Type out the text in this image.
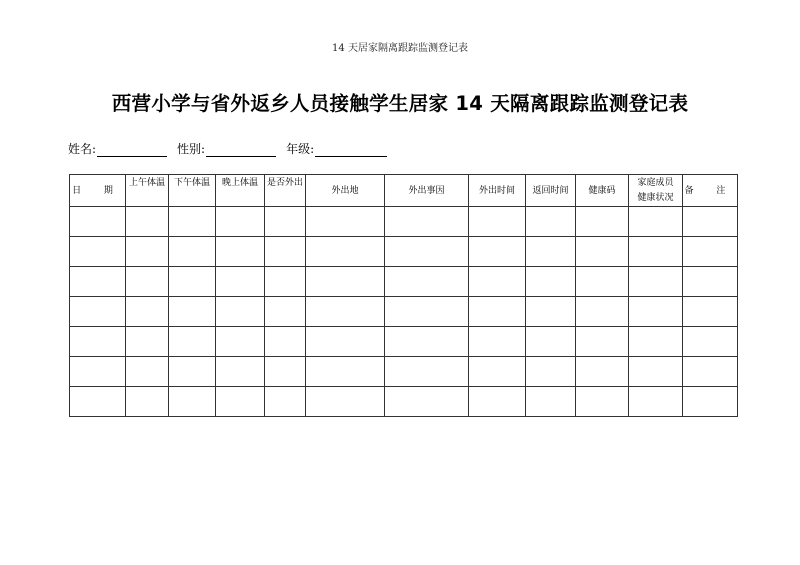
14 天居家隔离跟踪监测登记表
西营小学与省外返乡人员接触学生居家 14 天隔离跟踪监测登记表
姓名:	性别:	年级:
日 期	上午体温	下午体温	晚上体温	是否外出	外出地	外出事因	外出时间	返回时间	健康码	家庭成员健康状况	备 注
